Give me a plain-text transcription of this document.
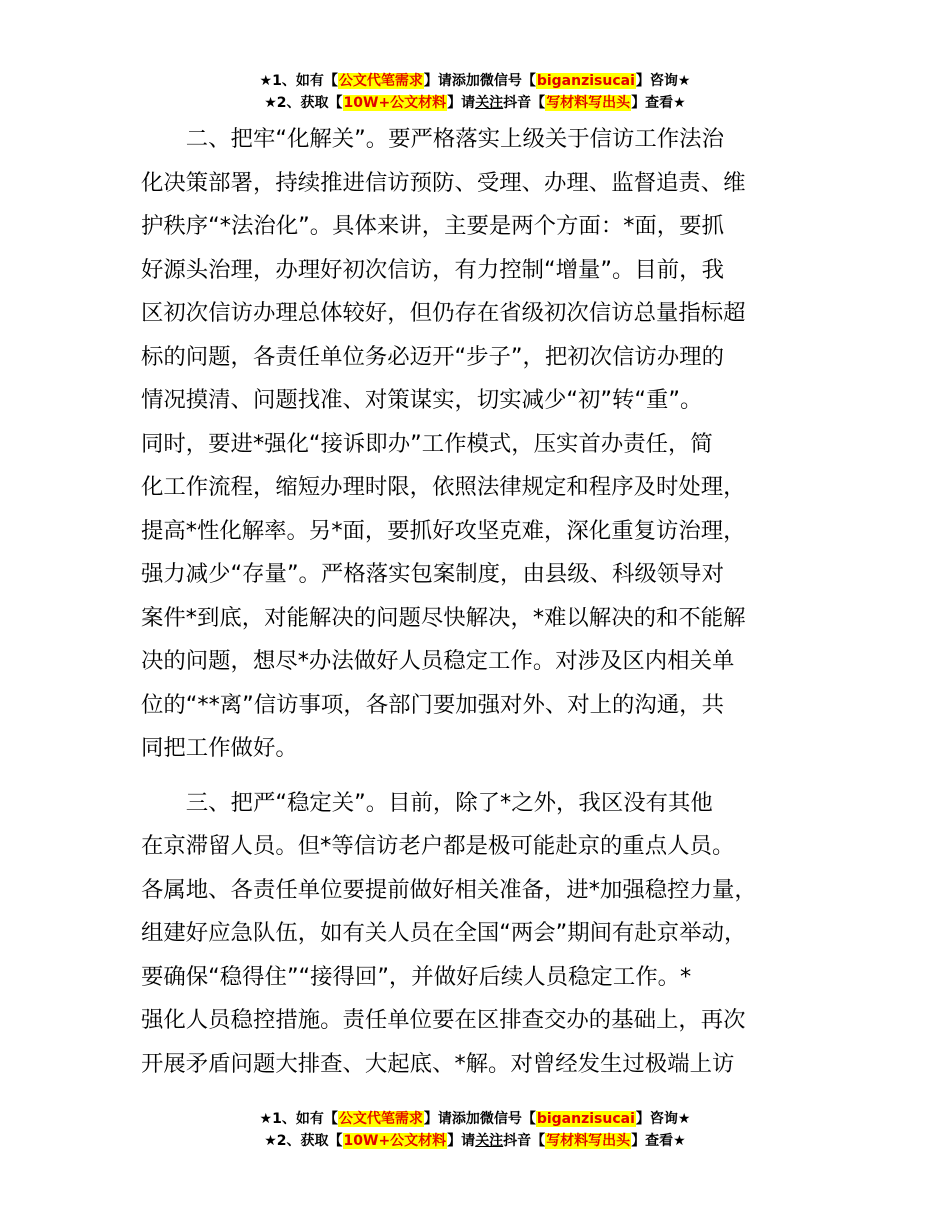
★1、如有【公文代笔需求】请添加微信号【biganzisucai】咨询★
★2、获取【10W+公文材料】请关注抖音【写材料写出头】查看★

　　二、把牢“化解关”。要严格落实上级关于信访工作法治
化决策部署，持续推进信访预防、受理、办理、监督追责、维
护秩序“*法治化”。具体来讲，主要是两个方面：*面，要抓
好源头治理，办理好初次信访，有力控制“增量”。目前，我
区初次信访办理总体较好，但仍存在省级初次信访总量指标超
标的问题，各责任单位务必迈开“步子”，把初次信访办理的
情况摸清、问题找准、对策谋实，切实减少“初”转“重”。
同时，要进*强化“接诉即办”工作模式，压实首办责任，简
化工作流程，缩短办理时限，依照法律规定和程序及时处理，
提高*性化解率。另*面，要抓好攻坚克难，深化重复访治理，
强力减少“存量”。严格落实包案制度，由县级、科级领导对
案件*到底，对能解决的问题尽快解决，*难以解决的和不能解
决的问题，想尽*办法做好人员稳定工作。对涉及区内相关单
位的“**离”信访事项，各部门要加强对外、对上的沟通，共
同把工作做好。

　　三、把严“稳定关”。目前，除了*之外，我区没有其他
在京滞留人员。但*等信访老户都是极可能赴京的重点人员。
各属地、各责任单位要提前做好相关准备，进*加强稳控力量，
组建好应急队伍，如有关人员在全国“两会”期间有赴京举动，
要确保“稳得住”“接得回”，并做好后续人员稳定工作。*
强化人员稳控措施。责任单位要在区排查交办的基础上，再次
开展矛盾问题大排查、大起底、*解。对曾经发生过极端上访

★1、如有【公文代笔需求】请添加微信号【biganzisucai】咨询★
★2、获取【10W+公文材料】请关注抖音【写材料写出头】查看★
